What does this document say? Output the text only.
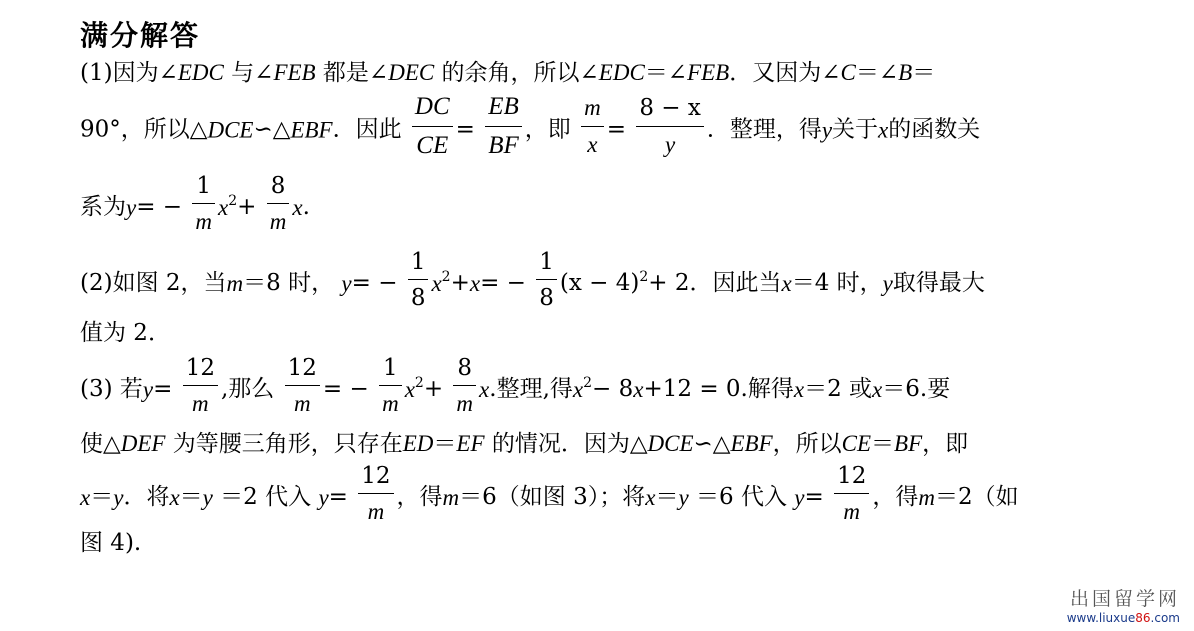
满分解答
(1)因为∠EDC 与∠FEB 都是∠DEC 的余角，所以∠EDC＝∠FEB．又因为∠C＝∠B＝
90°，所以△DCE∽△EBF．因此 $\frac{DC}{CE} = \frac{EB}{BF}$ ，即 $\frac{m}{x} = \frac{8 - x}{y}$ ．整理，得y关于x的函数关
系为$y= - \frac{1}{m} x^2+ \frac{8}{m} x$.
(2)如图 2，当m＝8 时， $y= - \frac{1}{8} x^2+x= - \frac{1}{8} (x - 4)^2+ 2$．因此当x＝4 时，y取得最大
值为 2．
(3) 若$y= \frac{12}{m}$ ,那么 $\frac{12}{m}$ = − $\frac{1}{m} x^2+ \frac{8}{m} x$.整理,得$x^2- 8x+12 = 0$.解得x＝2 或x＝6.要
使△DEF 为等腰三角形，只存在ED＝EF 的情况．因为△DCE∽△EBF，所以CE＝BF，即
x＝y．将x＝y ＝2 代入 $y= \frac{12}{m}$ ，得m＝6（如图 3）；将x＝y ＝6 代入 $y= \frac{12}{m}$ ，得m＝2（如
图 4).
出国留学网
www.liuxue86.com
